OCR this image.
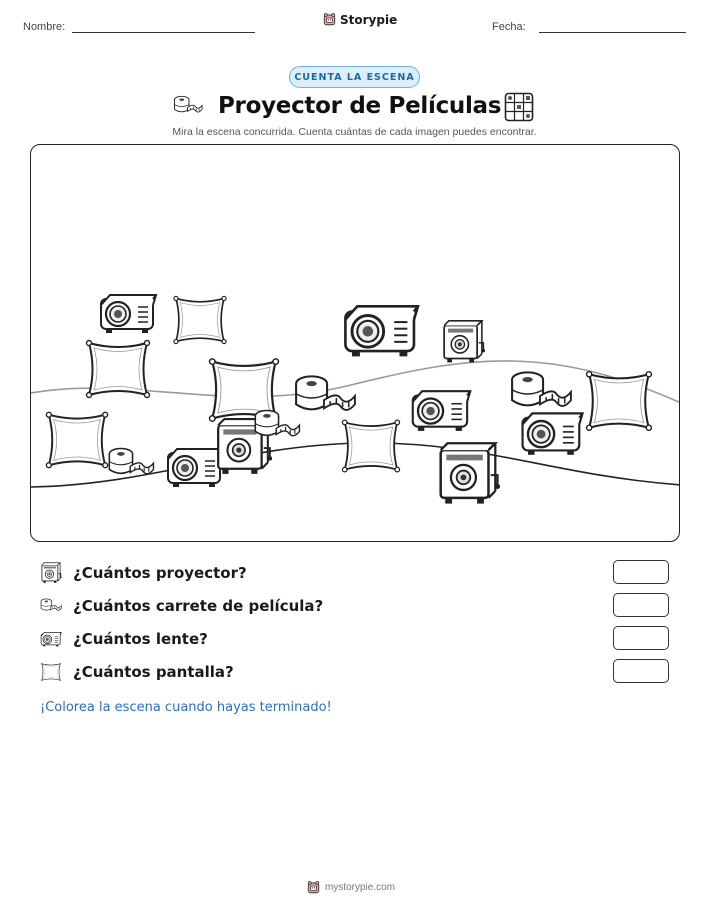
Nombre:
Storypie
Fecha:
CUENTA LA ESCENA
Proyector de Películas
Mira la escena concurrida. Cuenta cuántas de cada imagen puedes encontrar.
¿Cuántos proyector?
¿Cuántos carrete de película?
¿Cuántos lente?
¿Cuántos pantalla?
¡Colorea la escena cuando hayas terminado!
mystorypie.com
